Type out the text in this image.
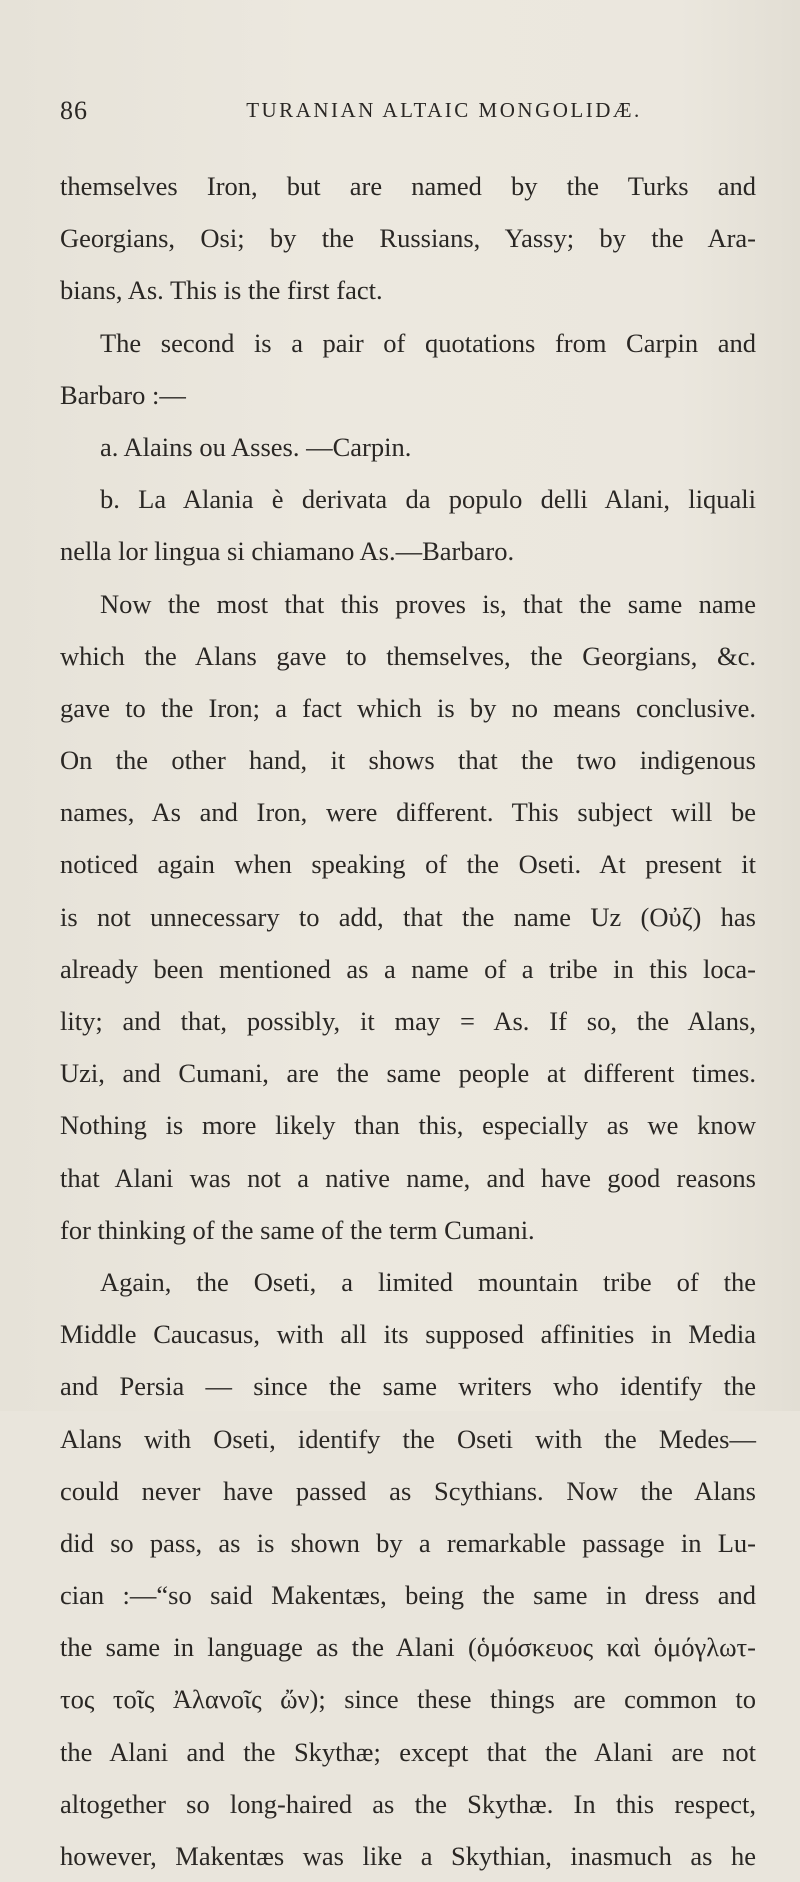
86	TURANIAN ALTAIC MONGOLIDÆ.
themselves Iron, but are named by the Turks and
Georgians, Osi; by the Russians, Yassy; by the Ara-
bians, As. This is the first fact.
The second is a pair of quotations from Carpin and
Barbaro :—
a. Alains ou Asses. —Carpin.
b. La Alania è derivata da populo delli Alani, liquali
nella lor lingua si chiamano As.—Barbaro.
Now the most that this proves is, that the same name
which the Alans gave to themselves, the Georgians, &c.
gave to the Iron; a fact which is by no means conclusive.
On the other hand, it shows that the two indigenous
names, As and Iron, were different. This subject will be
noticed again when speaking of the Oseti. At present it
is not unnecessary to add, that the name Uz (Οὐζ) has
already been mentioned as a name of a tribe in this loca-
lity; and that, possibly, it may = As. If so, the Alans,
Uzi, and Cumani, are the same people at different times.
Nothing is more likely than this, especially as we know
that Alani was not a native name, and have good reasons
for thinking of the same of the term Cumani.
Again, the Oseti, a limited mountain tribe of the
Middle Caucasus, with all its supposed affinities in Media
and Persia — since the same writers who identify the
Alans with Oseti, identify the Oseti with the Medes—
could never have passed as Scythians. Now the Alans
did so pass, as is shown by a remarkable passage in Lu-
cian :—“so said Makentæs, being the same in dress and
the same in language as the Alani (ὁμόσκευος καὶ ὁμόγλωτ-
τος τοῖς Ἀλανοῖς ὤν); since these things are common to
the Alani and the Skythæ; except that the Alani are not
altogether so long-haired as the Skythæ. In this respect,
however, Makentæs was like a Skythian, inasmuch as he
